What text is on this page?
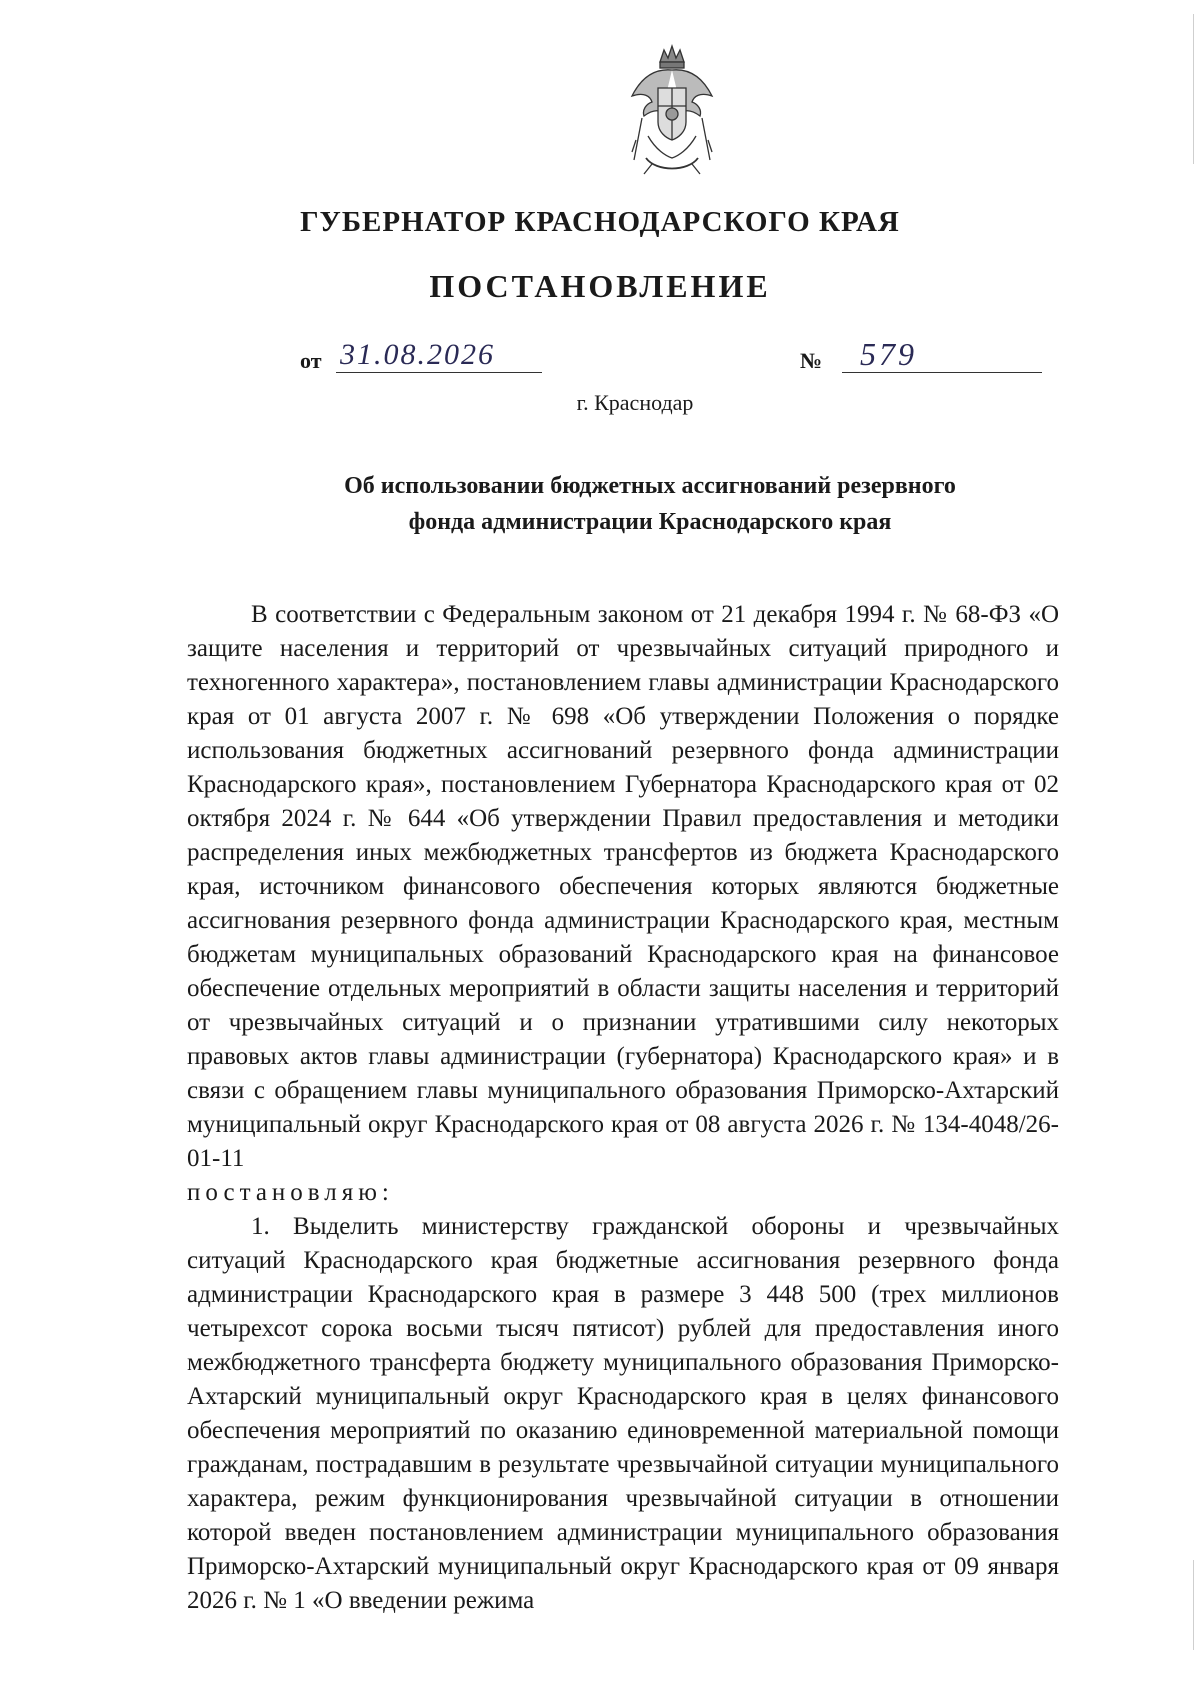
ГУБЕРНАТОР КРАСНОДАРСКОГО КРАЯ
ПОСТАНОВЛЕНИЕ
от 31.08.2026	№ 579
г. Краснодар
Об использовании бюджетных ассигнований резервного
фонда администрации Краснодарского края

В соответствии с Федеральным законом от 21 декабря 1994 г. № 68-ФЗ «О защите населения и территорий от чрезвычайных ситуаций природного и техногенного характера», постановлением главы администрации Краснодарского края от 01 августа 2007 г. № 698 «Об утверждении Положения о порядке использования бюджетных ассигнований резервного фонда администрации Краснодарского края», постановлением Губернатора Краснодарского края от 02 октября 2024 г. № 644 «Об утверждении Правил предоставления и методики распределения иных межбюджетных трансфертов из бюджета Краснодарского края, источником финансового обеспечения которых являются бюджетные ассигнования резервного фонда администрации Краснодарского края, местным бюджетам муниципальных образований Краснодарского края на финансовое обеспечение отдельных мероприятий в области защиты населения и территорий от чрезвычайных ситуаций и о признании утратившими силу некоторых правовых актов главы администрации (губернатора) Краснодарского края» и в связи с обращением главы муниципального образования Приморско-Ахтарский муниципальный округ Краснодарского края от 08 августа 2026 г. № 134-4048/26-01-11

постановляю:

1. Выделить министерству гражданской обороны и чрезвычайных ситуаций Краснодарского края бюджетные ассигнования резервного фонда администрации Краснодарского края в размере 3 448 500 (трех миллионов четырехсот сорока восьми тысяч пятисот) рублей для предоставления иного межбюджетного трансферта бюджету муниципального образования Приморско-Ахтарский муниципальный округ Краснодарского края в целях финансового обеспечения мероприятий по оказанию единовременной материальной помощи гражданам, пострадавшим в результате чрезвычайной ситуации муниципального характера, режим функционирования чрезвычайной ситуации в отношении которой введен постановлением администрации муниципального образования Приморско-Ахтарский муниципальный округ Краснодарского края от 09 января 2026 г. № 1 «О введении режима
